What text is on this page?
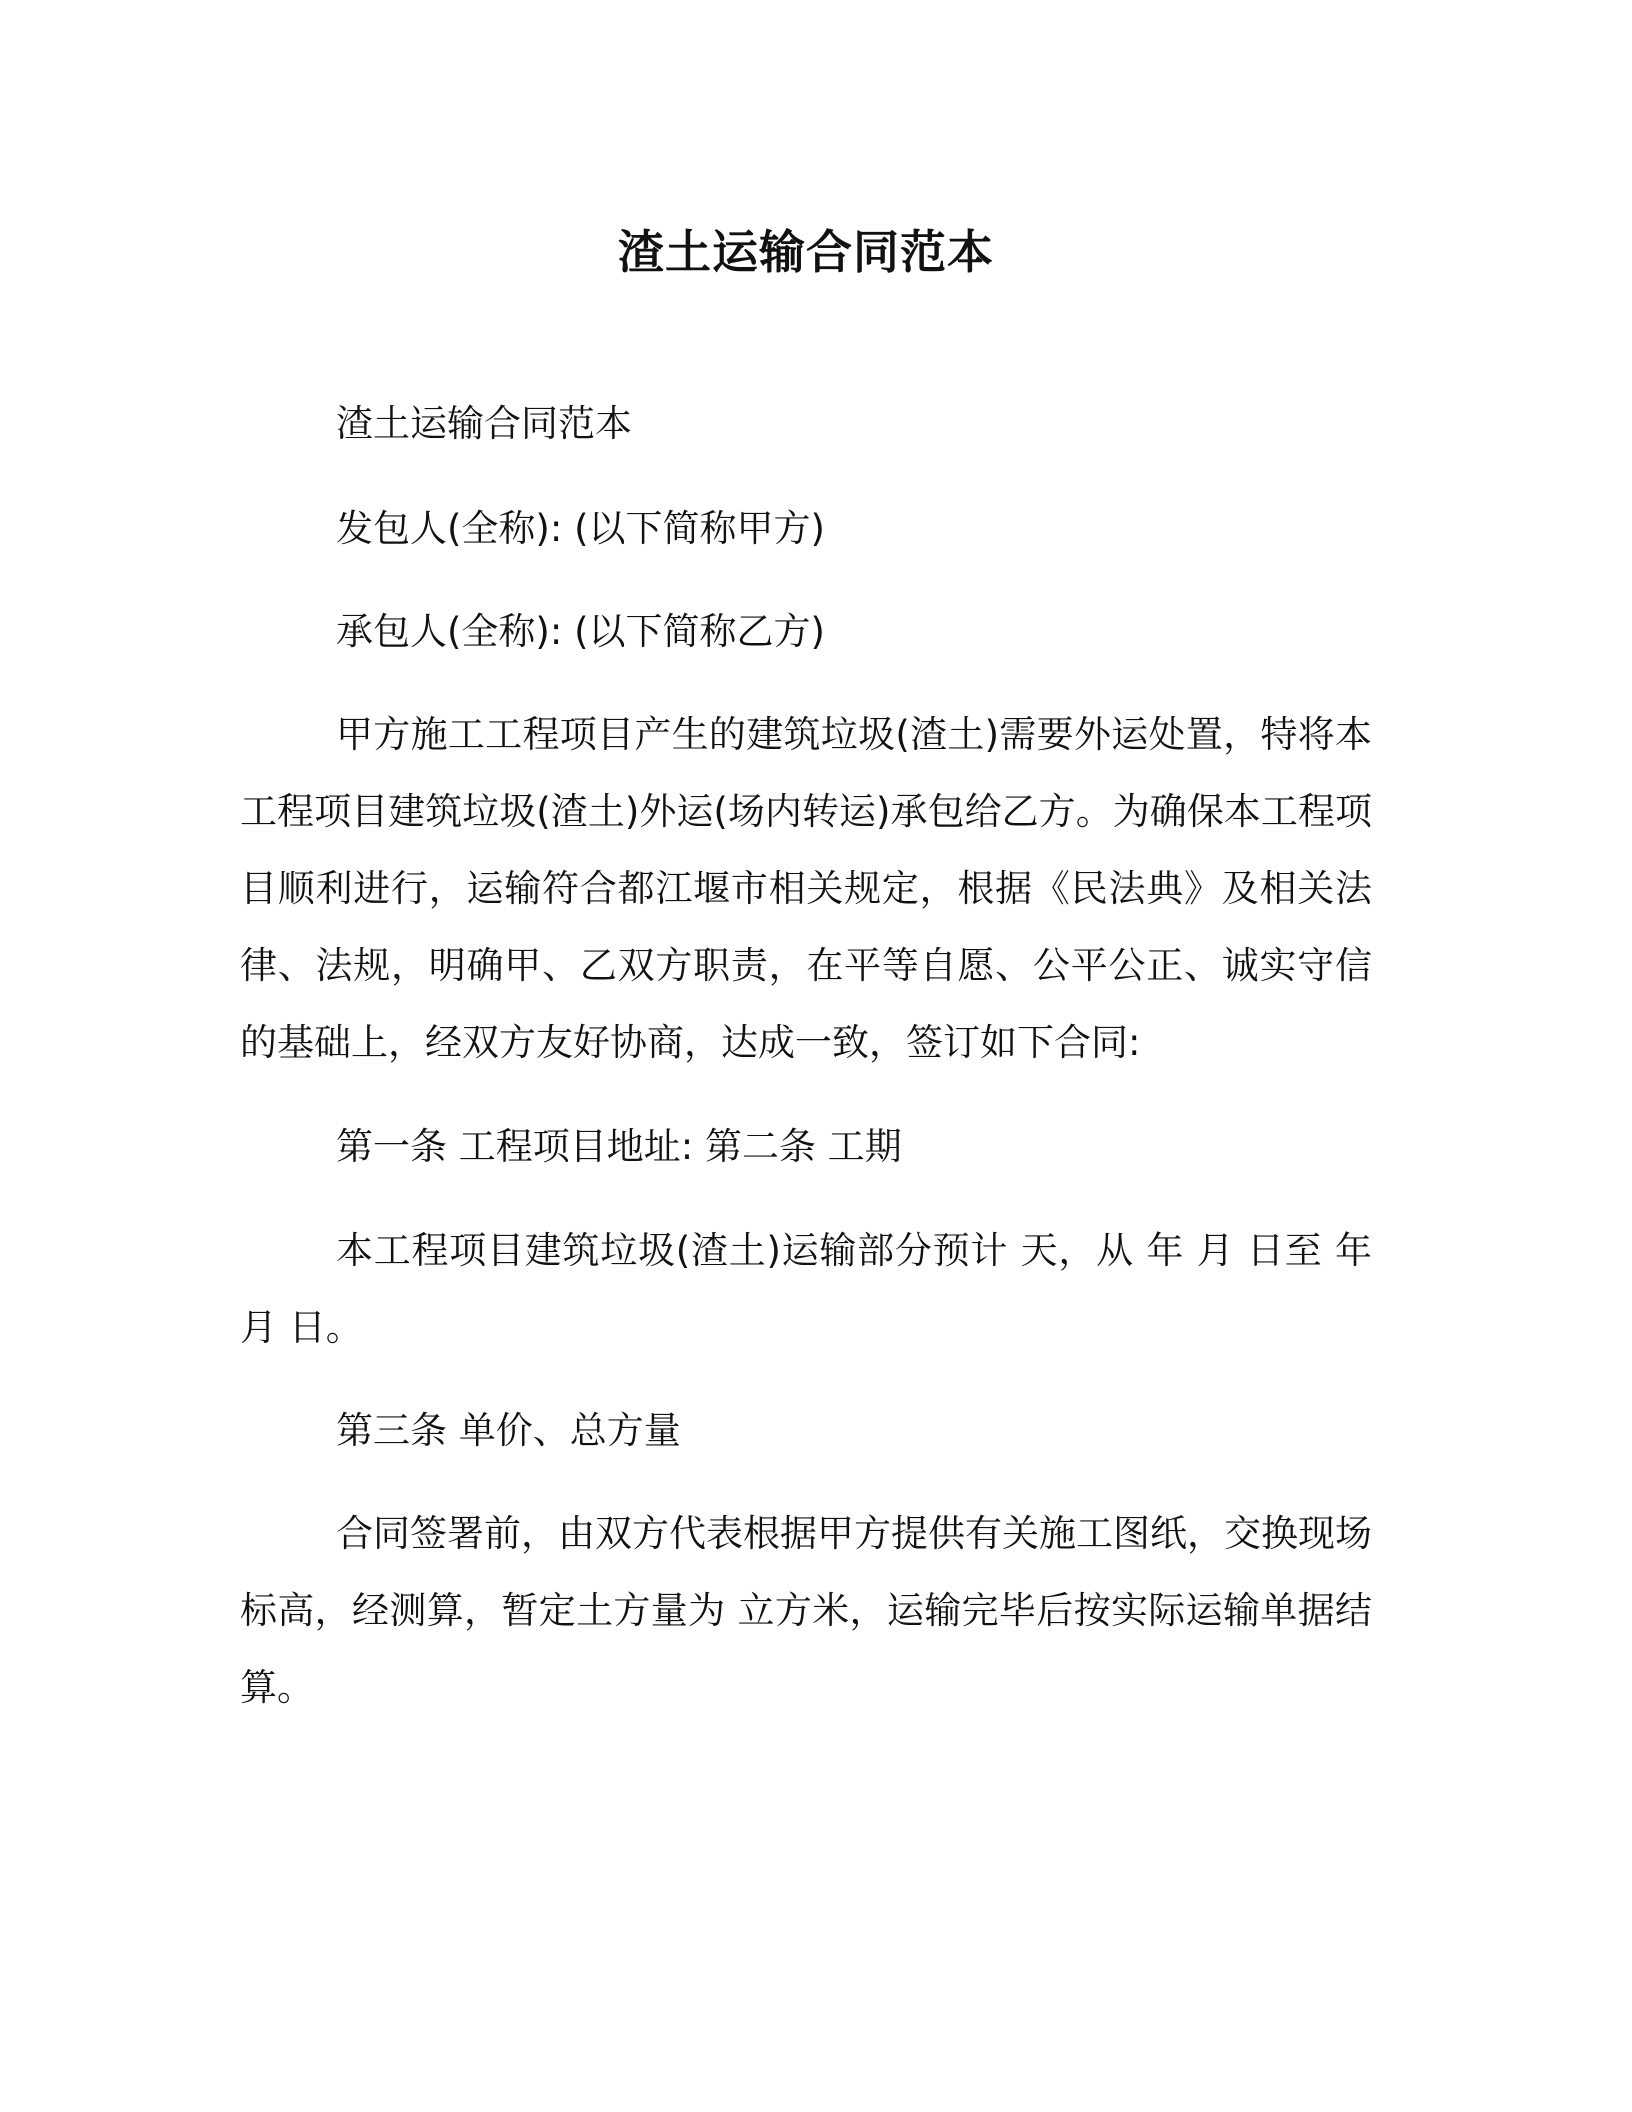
渣土运输合同范本

渣土运输合同范本

发包人(全称): (以下简称甲方)

承包人(全称): (以下简称乙方)

甲方施工工程项目产生的建筑垃圾(渣土)需要外运处置，特将本工程项目建筑垃圾(渣土)外运(场内转运)承包给乙方。为确保本工程项目顺利进行，运输符合都江堰市相关规定，根据《民法典》及相关法律、法规，明确甲、乙双方职责，在平等自愿、公平公正、诚实守信的基础上，经双方友好协商，达成一致，签订如下合同:

第一条 工程项目地址: 第二条 工期

本工程项目建筑垃圾(渣土)运输部分预计 天，从 年 月 日至 年 月 日。

第三条 单价、总方量

合同签署前，由双方代表根据甲方提供有关施工图纸，交换现场标高，经测算，暂定土方量为 立方米，运输完毕后按实际运输单据结算。
